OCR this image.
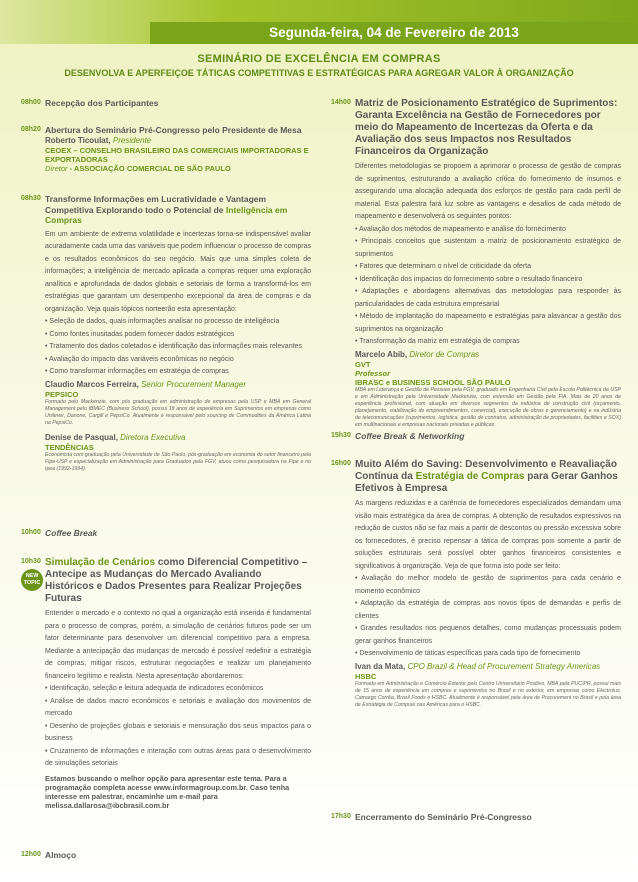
Segunda-feira, 04 de Fevereiro de 2013
SEMINÁRIO DE EXCELÊNCIA EM COMPRAS
DESENVOLVA E APERFEIÇOE TÁTICAS COMPETITIVAS E ESTRATÉGICAS PARA AGREGAR VALOR À ORGANIZAÇÃO
08h00 Recepção dos Participantes
08h20 Abertura do Seminário Pré-Congresso pelo Presidente de Mesa
Roberto Ticoulat, Presidente
CEOEX – CONSELHO BRASILEIRO DAS COMERCIAIS IMPORTADORAS E EXPORTADORAS
Diretor - ASSOCIAÇÃO COMERCIAL DE SÃO PAULO
08h30 Transforme Informações em Lucratividade e Vantagem Competitiva Explorando todo o Potencial de Inteligência em Compras

Em um ambiente de extrema volatilidade e incertezas torna-se indispensável avaliar acuradamente cada uma das variáveis que podem influenciar o processo de compras e os resultados econômicos do seu negócio. Mais que uma simples coleta de informações; a inteligência de mercado aplicada a compras requer uma exploração analítica e aprofundada de dados globais e setoriais de forma a transformá-los em estratégias que garantam um desempenho excepcional da área de compras e da organização. Veja quais tópicos norteerão esta apresentação:

• Seleção de dados, quais informações analisar no processo de inteligência

• Como fontes inusitadas podem fornecer dados estratégicos

• Tratamento dos dados coletados e identificação das informações mais relevantes

• Avaliação do impacto das variáveis econômicas no negócio

• Como transformar informações em estratégia de compras

Claudio Marcos Ferreira, Senior Procurement Manager
PEPSICO
Formado pelo Mackenzie, com pós graduação em administração de empresas pela USP e MBA em General Management pelo IBMEC (Business School), possui 18 anos de experiência em Suprimentos em empresas como Unilever, Danone, Cargill e PepsiCo. Atualmente é responsável pelo sourcing de Commodities da América Latina na PepsiCo.
Denise de Pasqual, Diretora Executiva
TENDÊNCIAS
Economista com graduação pela Universidade de São Paulo, pós-graduação em economia do setor financeiro pela Fipe-USP e especialização em Administração para Graduados pela FGV, atuou como pesquisadora na Fipe e no Ipea (1992-1994).
10h00 Coffee Break
10h30
NEW
TOPIC
Simulação de Cenários como Diferencial Competitivo – Antecipe as Mudanças do Mercado Avaliando Históricos e Dados Presentes para Realizar Projeções Futuras

Entender o mercado e o contexto no qual a organização está inserida é fundamental para o processo de compras, porém, a simulação de cenários futuros pode ser um fator determinante para desenvolver um diferencial competitivo para a empresa. Mediante a antecipação das mudanças de mercado é possível redefinir a estratégia de compras, mitigar riscos, estruturar negociações e realizar um planejamento financeiro legítimo e realista. Nesta apresentação abordaremos:

• Identificação, seleção e leitura adequada de indicadores econômicos

• Análise de dados macro econômicos e setoriais e avaliação dos movimentos de mercado

• Desenho de projeções globais e setoriais e mensuração dos seus impactos para o business

• Cruzamento de informações e interação com outras áreas para o desenvolvimento de simulações setoriais

Estamos buscando o melhor opção para apresentar este tema. Para a programação completa acesse www.informagroup.com.br. Caso tenha interesse em palestrar, encaminhe um e-mail para melissa.dallarosa@ibcbrasil.com.br
12h00 Almoço
14h00 Matriz de Posicionamento Estratégico de Suprimentos: Garanta Excelência na Gestão de Fornecedores por meio do Mapeamento de Incertezas da Oferta e da Avaliação dos seus Impactos nos Resultados Financeiros da Organização

Diferentes metodologias se propoem a aprimorar o processo de gestão de compras de suprimentos, estruturando a avaliação crítica do fornecimento de insumos e assegurando uma alocação adequada dos esforços de gestão para cada perfil de material. Esta palestra fará luz sobre as vantagens e desafios de cada método de mapeamento e desenvolverá os seguintes pontos:

• Avaliação dos métodos de mapeamento e análise do fornecimento

• Principais conceitos que sustentam a matriz de posicionamento estratégico de suprimentos

• Fatores que determinam o nível de criticidade da oferta

• Identificação dos impactos do fornecimento sobre o resultado financeiro

• Adaptações e abordagens alternativas das metodologias para responder às particularidades de cada estrutura empresarial

• Método de implantação do mapeamento e estratégias para alavancar a gestão dos suprimentos na organização

• Transformação da matriz em estratégia de compras

Marcelo Abib, Diretor de Compras
GVT
Professor
IBRASC e BUSINESS SCHOOL SÃO PAULO
MBA em Liderança e Gestão de Pessoas pela FGV, graduado em Engenharia Civil pela Escola Politécnica da USP e em Administração pela Universidade Mackenzie, com extensão em Gestão pela FIA. Mais de 20 anos de experiência profissional, com atuação em diversos segmentos da indústria de construção civil (orçamento, planejamento, viabilização de empreendimentos, comercial), execução de obras e gerenciamento) e na indústria de telecomunicações (suprimentos, logística, gestão de contratos, administração de propriedades, facilities e SOX) em multinacionais e empresas nacionais privadas e públicas.
15h30 Coffee Break & Networking
16h00 Muito Além do Saving: Desenvolvimento e Reavaliação Contínua da Estratégia de Compras para Gerar Ganhos Efetivos à Empresa

As margens reduzidas e a carência de fornecedores especializados demandam uma visão mais estratégica da área de compras. A obtenção de resultados expressivos na redução de custos não se faz mais a partir de descontos ou pressão excessiva sobre os fornecedores, é preciso repensar a tática de compras pois somente a partir de soluções estruturais será possível obter ganhos financeiros consistentes e significativos à organização. Veja de que forma isto pode ser feito:

• Avaliação do melhor modelo de gestão de suprimentos para cada cenário e momento econômico

• Adaptação da estratégia de compras aos novos tipos de demandas e perfis de clientes

• Grandes resultados nos pequenos detalhes, como mudanças processuais podem gerar ganhos financeiros

• Desenvolvimento de táticas específicas para cada tipo de fornecimento

Ivan da Mata, CPO Brazil & Head of Procurement Strategy Americas
HSBC
Formado em Administração e Comércio Exterior pelo Centro Universitário Positivo, MBA pela PUC/PR, possui mais de 15 anos de experiência em compras e suprimentos no Brasil e no exterior, em empresas como Electrolux, Camargo Corrêa, Brasil Foods e HSBC. Atualmente é responsável pela área de Procurement no Brasil e pela área de Estratégia de Compras nas Américas para o HSBC.
17h30 Encerramento do Seminário Pré-Congresso
